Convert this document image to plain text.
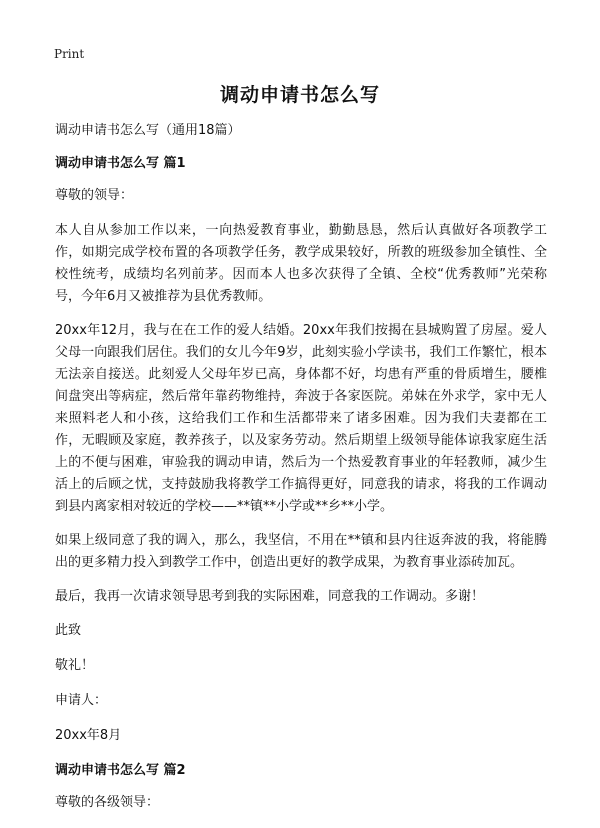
Print
调动申请书怎么写

调动申请书怎么写（通用18篇）

调动申请书怎么写 篇1

尊敬的领导：

本人自从参加工作以来，一向热爱教育事业，勤勤恳恳，然后认真做好各项教学工作，如期完成学校布置的各项教学任务，教学成果较好，所教的班级参加全镇性、全校性统考，成绩均名列前茅。因而本人也多次获得了全镇、全校“优秀教师”光荣称号，今年6月又被推荐为县优秀教师。

20xx年12月，我与在在工作的爱人结婚。20xx年我们按揭在县城购置了房屋。爱人父母一向跟我们居住。我们的女儿今年9岁，此刻实验小学读书，我们工作繁忙，根本无法亲自接送。此刻爱人父母年岁已高，身体都不好，均患有严重的骨质增生，腰椎间盘突出等病症，然后常年靠药物维持，奔波于各家医院。弟妹在外求学，家中无人来照料老人和小孩，这给我们工作和生活都带来了诸多困难。因为我们夫妻都在工作，无暇顾及家庭，教养孩子，以及家务劳动。然后期望上级领导能体谅我家庭生活上的不便与困难，审验我的调动申请，然后为一个热爱教育事业的年轻教师，减少生活上的后顾之忧，支持鼓励我将教学工作搞得更好，同意我的请求，将我的工作调动到县内离家相对较近的学校——**镇**小学或**乡**小学。

如果上级同意了我的调入，那么，我坚信，不用在**镇和县内往返奔波的我，将能腾出的更多精力投入到教学工作中，创造出更好的教学成果，为教育事业添砖加瓦。

最后，我再一次请求领导思考到我的实际困难，同意我的工作调动。多谢！

此致

敬礼！

申请人：

20xx年8月

调动申请书怎么写 篇2

尊敬的各级领导：
